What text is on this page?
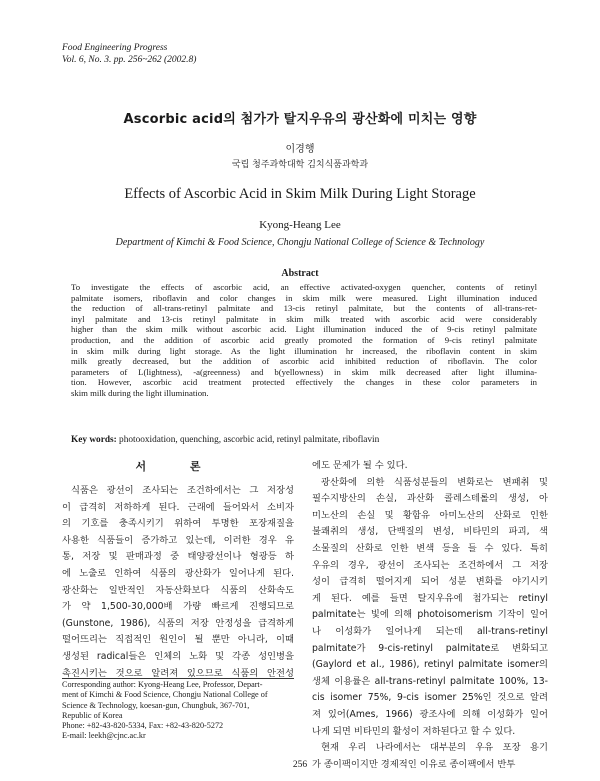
Food Engineering Progress
Vol. 6, No. 3. pp. 256~262 (2002.8)
Ascorbic acid의 첨가가 탈지우유의 광산화에 미치는 영향
이경행
국립 청주과학대학 김치식품과학과
Effects of Ascorbic Acid in Skim Milk During Light Storage
Kyong-Heang Lee
Department of Kimchi & Food Science, Chongju National College of Science & Technology
Abstract
To investigate the effects of ascorbic acid, an effective activated-oxygen quencher, contents of retinyl
palmitate isomers, riboflavin and color changes in skim milk were measured. Light illumination induced
the reduction of all-trans-retinyl palmitate and 13-cis retinyl palmitate, but the contents of all-trans-ret-
inyl palmitate and 13-cis retinyl palmitate in skim milk treated with ascorbic acid were considerably
higher than the skim milk without ascorbic acid. Light illumination induced the of 9-cis retinyl palmitate
production, and the addition of ascorbic acid greatly promoted the formation of 9-cis retinyl palmitate
in skim milk during light storage. As the light illumination hr increased, the riboflavin content in skim
milk greatly decreased, but the addition of ascorbic acid inhibited reduction of riboflavin. The color
parameters of L(lightness), -a(greenness) and b(yellowness) in skim milk decreased after light illumina-
tion. However, ascorbic acid treatment protected effectively the changes in these color parameters in
skim milk during the light illumination.
Key words: photooxidation, quenching, ascorbic acid, retinyl palmitate, riboflavin
서 론
식품은 광선이 조사되는 조건하에서는 그 저장성
이 급격히 저하하게 된다. 근래에 들어와서 소비자
의 기호를 충족시키기 위하여 투명한 포장재질을
사용한 식품들이 증가하고 있는데, 이러한 경우 유
통, 저장 및 판매과정 중 태양광선이나 형광등 하
에 노출로 인하여 식품의 광산화가 일어나게 된다.
광산화는 일반적인 자동산화보다 식품의 산화속도
가 약 1,500-30,000배 가량 빠르게 진행되므로
(Gunstone, 1986), 식품의 저장 안정성을 급격하게
떨어뜨리는 직접적인 원인이 될 뿐만 아니라, 이때
생성된 radical들은 인체의 노화 및 각종 성인병을
촉진시키는 것으로 알려져 있으므로 식품의 안전성
에도 문제가 될 수 있다.
광산화에 의한 식품성분들의 변화로는 변패취 및
필수지방산의 손실, 과산화 콜레스테롤의 생성, 아
미노산의 손실 및 황함유 아미노산의 산화로 인한
불쾌취의 생성, 단백질의 변성, 비타민의 파괴, 색
소물질의 산화로 인한 변색 등을 들 수 있다. 특히
우유의 경우, 광선이 조사되는 조건하에서 그 저장
성이 급격히 떨어지게 되어 성분 변화를 야기시키
게 된다. 예를 들면 탈지우유에 첨가되는 retinyl
palmitate는 빛에 의해 photoisomerism 기작이 일어
나 이성화가 일어나게 되는데 all-trans-retinyl
palmitate가 9-cis-retinyl palmitate로 변화되고
(Gaylord et al., 1986), retinyl palmitate isomer의
생체 이용률은 all-trans-retinyl palmitate 100%, 13-
cis isomer 75%, 9-cis isomer 25%인 것으로 알려
져 있어(Ames, 1966) 광조사에 의해 이성화가 일어
나게 되면 비타민의 활성이 저하된다고 할 수 있다.
현재 우리 나라에서는 대부분의 우유 포장 용기
가 종이팩이지만 경제적인 이유로 종이팩에서 반투
Corresponding author: Kyong-Heang Lee, Professor, Depart-
ment of Kimchi & Food Science, Chongju National College of
Science & Technology, koesan-gun, Chungbuk, 367-701,
Republic of Korea
Phone: +82-43-820-5334, Fax: +82-43-820-5272
E-mail: leekh@cjnc.ac.kr
256
